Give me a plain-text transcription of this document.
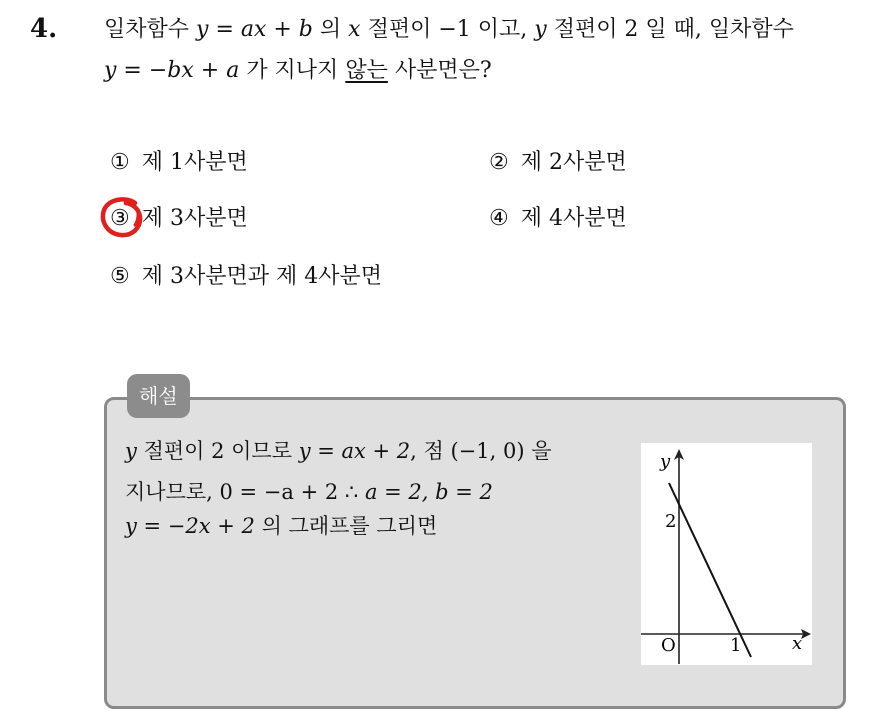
4. 일차함수 y = ax + b 의 x 절편이 −1 이고, y 절편이 2 일 때, 일차함수
y = −bx + a 가 지나지 않는 사분면은?
① 제 1사분면	② 제 2사분면
③ 제 3사분면	④ 제 4사분면
⑤ 제 3사분면과 제 4사분면
해설
y 절편이 2 이므로 y = ax + 2, 점 (−1, 0) 을
지나므로, 0 = −a + 2 ∴ a = 2, b = 2
y = −2x + 2 의 그래프를 그리면
y
x
O
2
1
